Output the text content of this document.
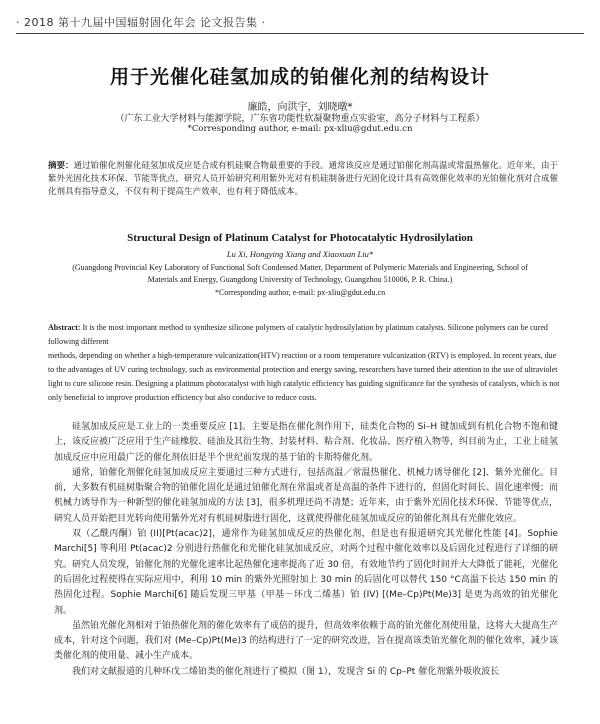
· 2018 第十九届中国辐射固化年会 论文报告集 ·
用于光催化硅氢加成的铂催化剂的结构设计
廉皓，向洪宇，刘晓暾*
（广东工业大学材料与能源学院，广东省功能性软凝聚物重点实验室，高分子材料与工程系）
*Corresponding author, e-mail: px-xliu@gdut.edu.cn
摘要：通过铂催化剂催化硅氢加成反应是合成有机硅聚合物最重要的手段。通常该反应是通过铂催化剂高温或常温热催化。近年来，由于紫外光固化技术环保、节能等优点，研究人员开始研究利用紫外光对有机硅制备进行光固化设计具有高效催化效率的光铂催化剂对合成催化剂具有指导意义，不仅有利于提高生产效率，也有利于降低成本。
Structural Design of Platinum Catalyst for Photocatalytic Hydrosilylation
Lu Xi, Hongying Xiang and Xiaoxuan Liu*
(Guangdong Provincial Key Laboratory of Functional Soft Condensed Matter, Department of Polymeric Materials and Engineering, School of Materials and Energy, Guangdong University of Technology, Guangzhou 510006, P. R. China.)
*Corresponding author, e-mail: px-xliu@gdut.edu.cn

Abstract: It is the most important method to synthesize silicone polymers of catalytic hydrosilylation by platinum catalysts. Silicone polymers can be cured following different

methods, depending on whether a high-temperature vulcanization(HTV) reaction or a room temperature vulcanization (RTV) is employed. In recent years, due to the advantages of UV curing technology, such as environmental protection and energy saving, researchers have turned their attention to the use of ultraviolet light to cure silicone resin. Designing a platinum photocatalyst with high catalytic efficiency has guiding significance for the synthesis of catalysts, which is not only beneficial to improve production efficiency but also conducive to reduce costs.

硅氢加成反应是工业上的一类重要反应 [1]。主要是指在催化剂作用下，硅类化合物的 Si–H 键加成到有机化合物不饱和键上，该反应被广泛应用于生产硅橡胶、硅油及其衍生物、封装材料、粘合剂、化妆品、医疗植入物等，纠目前为止，工业上硅氢加成反应中应用最广泛的催化剂依旧是半个世纪前发现的基于铂的卡斯特催化剂。

通常，铂催化剂催化硅氢加成反应主要通过三种方式进行，包括高温／常温热催化、机械力诱导催化 [2]、紫外光催化。目前，大多数有机硅树脂聚合物的铂催化固化是通过铂催化剂在常温或者是高温的条件下进行的，但固化时间长、固化速率慢；而机械力诱导作为一种新型的催化硅氢加成的方法 [3]，很多机理还尚不清楚；近年来，由于紫外光固化技术环保、节能等优点，研究人员开始把目光转向使用紫外光对有机硅树脂进行固化，这就使得催化硅氢加成反应的铂催化剂具有光催化效应。

双（乙酰丙酮）铂 (II)[Pt(acac)2]，通常作为硅氢加成反应的热催化剂，但是也有报道研究其光催化性能 [4]。Sophie Marchi[5] 等利用 Pt(acac)2 分别进行热催化和光催化硅氢加成反应，对两个过程中催化效率以及后固化过程进行了详细的研究。研究人员发现，铂催化剂的光催化速率比起热催化速率提高了近 30 倍，有效地节约了固化时间并大大降低了能耗，光催化的后固化过程使得在实际应用中，利用 10 min 的紫外光照射加上 30 min 的后固化可以替代 150 °C高温下长达 150 min 的热固化过程。Sophie Marchi[6] 随后发现三甲基（甲基－环戊二烯基）铂 (IV) [(Me–Cp)Pt(Me)3] 是更为高效的铂光催化剂。

虽然铂光催化剂相对于铂热催化剂的催化效率有了成倍的提升，但高效率依赖于高的铂光催化剂使用量，这将大大提高生产成本，针对这个问题，我们对 (Me–Cp)Pt(Me)3 的结构进行了一定的研究改进，旨在提高该类铂光催化剂的催化效率，减少该类催化剂的使用量、减小生产成本。

我们对文献报道的几种环戊二烯铂类的催化剂进行了模拟（图 1），发现含 Si 的 Cp–Pt 催化剂紫外吸收波长
